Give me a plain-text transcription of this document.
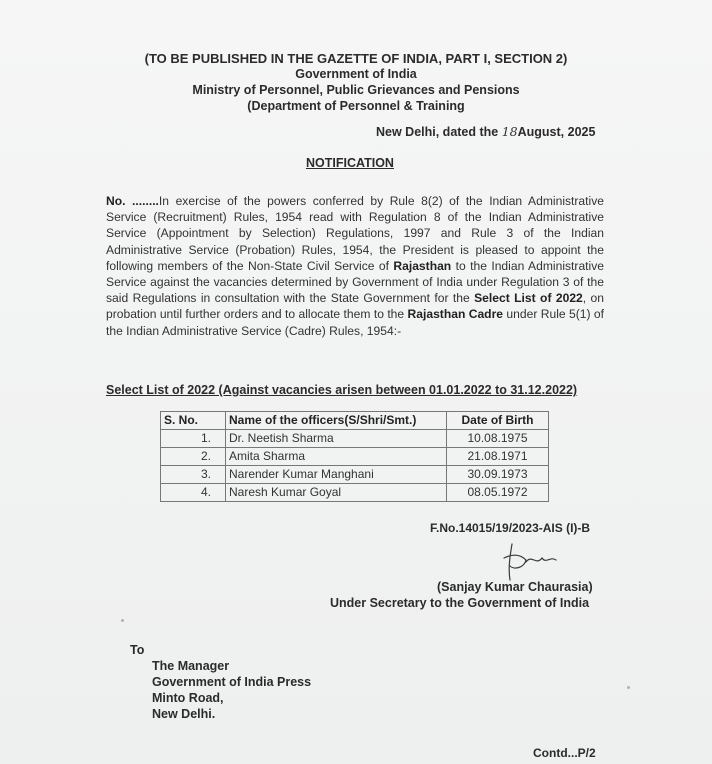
(TO BE PUBLISHED IN THE GAZETTE OF INDIA, PART I, SECTION 2)
Government of India
Ministry of Personnel, Public Grievances and Pensions
(Department of Personnel & Training
New Delhi, dated the 18August, 2025
NOTIFICATION
No. ........In exercise of the powers conferred by Rule 8(2) of the Indian Administrative Service (Recruitment) Rules, 1954 read with Regulation 8 of the Indian Administrative Service (Appointment by Selection) Regulations, 1997 and Rule 3 of the Indian Administrative Service (Probation) Rules, 1954, the President is pleased to appoint the following members of the Non-State Civil Service of Rajasthan to the Indian Administrative Service against the vacancies determined by Government of India under Regulation 3 of the said Regulations in consultation with the State Government for the Select List of 2022, on probation until further orders and to allocate them to the Rajasthan Cadre under Rule 5(1) of the Indian Administrative Service (Cadre) Rules, 1954:-
Select List of 2022 (Against vacancies arisen between 01.01.2022 to 31.12.2022)
S. No.	Name of the officers(S/Shri/Smt.)	Date of Birth
1.	Dr. Neetish Sharma	10.08.1975
2.	Amita Sharma	21.08.1971
3.	Narender Kumar Manghani	30.09.1973
4.	Naresh Kumar Goyal	08.05.1972
F.No.14015/19/2023-AIS (I)-B
(Sanjay Kumar Chaurasia)
Under Secretary to the Government of India
To
The Manager
Government of India Press
Minto Road,
New Delhi.
Contd...P/2
